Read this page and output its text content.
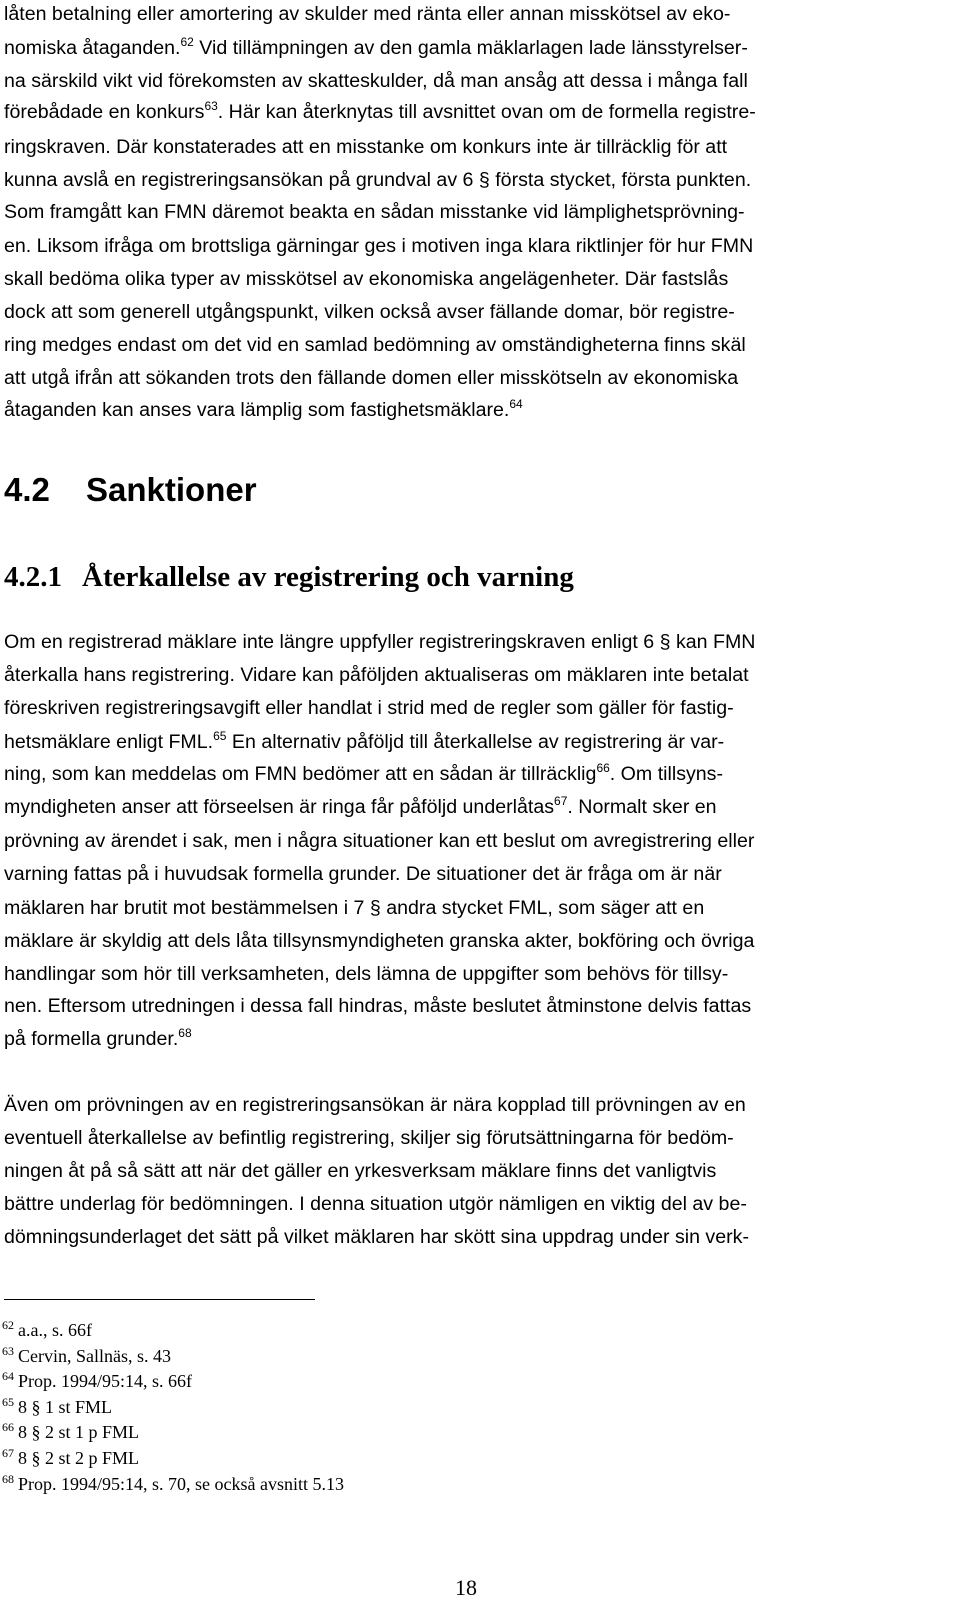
låten betalning eller amortering av skulder med ränta eller annan misskötsel av eko-
nomiska åtaganden.$^{62}$ Vid tillämpningen av den gamla mäklarlagen lade länsstyrelser-
na särskild vikt vid förekomsten av skatteskulder, då man ansåg att dessa i många fall
förebådade en konkurs$^{63}$. Här kan återknytas till avsnittet ovan om de formella registre-
ringskraven. Där konstaterades att en misstanke om konkurs inte är tillräcklig för att
kunna avslå en registreringsansökan på grundval av 6 § första stycket, första punkten.
Som framgått kan FMN däremot beakta en sådan misstanke vid lämplighetsprövning-
en. Liksom ifråga om brottsliga gärningar ges i motiven inga klara riktlinjer för hur FMN
skall bedöma olika typer av misskötsel av ekonomiska angelägenheter. Där fastslås
dock att som generell utgångspunkt, vilken också avser fällande domar, bör registre-
ring medges endast om det vid en samlad bedömning av omständigheterna finns skäl
att utgå ifrån att sökanden trots den fällande domen eller misskötseln av ekonomiska
åtaganden kan anses vara lämplig som fastighetsmäklare.$^{64}$
4.2 Sanktioner
4.2.1 Återkallelse av registrering och varning
Om en registrerad mäklare inte längre uppfyller registreringskraven enligt 6 § kan FMN
återkalla hans registrering. Vidare kan påföljden aktualiseras om mäklaren inte betalat
föreskriven registreringsavgift eller handlat i strid med de regler som gäller för fastig-
hetsmäklare enligt FML.$^{65}$ En alternativ påföljd till återkallelse av registrering är var-
ning, som kan meddelas om FMN bedömer att en sådan är tillräcklig$^{66}$. Om tillsyns-
myndigheten anser att förseelsen är ringa får påföljd underlåtas$^{67}$. Normalt sker en
prövning av ärendet i sak, men i några situationer kan ett beslut om avregistrering eller
varning fattas på i huvudsak formella grunder. De situationer det är fråga om är när
mäklaren har brutit mot bestämmelsen i 7 § andra stycket FML, som säger att en
mäklare är skyldig att dels låta tillsynsmyndigheten granska akter, bokföring och övriga
handlingar som hör till verksamheten, dels lämna de uppgifter som behövs för tillsy-
nen. Eftersom utredningen i dessa fall hindras, måste beslutet åtminstone delvis fattas
på formella grunder.$^{68}$
Även om prövningen av en registreringsansökan är nära kopplad till prövningen av en
eventuell återkallelse av befintlig registrering, skiljer sig förutsättningarna för bedöm-
ningen åt på så sätt att när det gäller en yrkesverksam mäklare finns det vanligtvis
bättre underlag för bedömningen. I denna situation utgör nämligen en viktig del av be-
dömningsunderlaget det sätt på vilket mäklaren har skött sina uppdrag under sin verk-
$^{62}$ a.a., s. 66f
$^{63}$ Cervin, Sallnäs, s. 43
$^{64}$ Prop. 1994/95:14, s. 66f
$^{65}$ 8 § 1 st FML
$^{66}$ 8 § 2 st 1 p FML
$^{67}$ 8 § 2 st 2 p FML
$^{68}$ Prop. 1994/95:14, s. 70, se också avsnitt 5.13
18
